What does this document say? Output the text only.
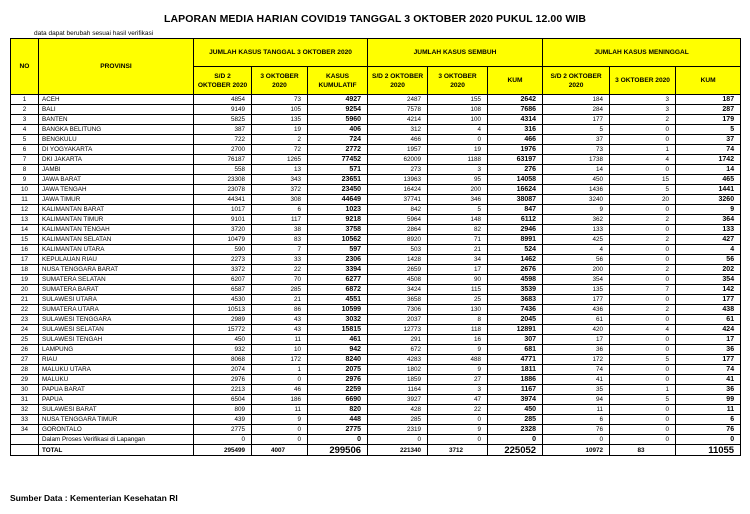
LAPORAN MEDIA HARIAN COVID19 TANGGAL 3 OKTOBER 2020 PUKUL 12.00 WIB
data dapat berubah sesuai hasil verifikasi
NO	PROVINSI	JUMLAH KASUS TANGGAL 3 OKTOBER 2020			JUMLAH KASUS SEMBUH			JUMLAH KASUS MENINGGAL		
		S/D 2 OKTOBER 2020	3 OKTOBER 2020	KASUS KUMULATIF	S/D 2 OKTOBER 2020	3 OKTOBER 2020	KUM	S/D 2 OKTOBER 2020	3 OKTOBER 2020	KUM
1	ACEH	4854	73	4927	2487	155	2642	184	3	187
2	BALI	9149	105	9254	7578	108	7686	284	3	287
3	BANTEN	5825	135	5960	4214	100	4314	177	2	179
4	BANGKA BELITUNG	387	19	406	312	4	316	5	0	5
5	BENGKULU	722	2	724	466	0	466	37	0	37
6	DI YOGYAKARTA	2700	72	2772	1957	19	1976	73	1	74
7	DKI JAKARTA	76187	1265	77452	62009	1188	63197	1738	4	1742
8	JAMBI	558	13	571	273	3	276	14	0	14
9	JAWA BARAT	23308	343	23651	13963	95	14058	450	15	465
10	JAWA TENGAH	23078	372	23450	16424	200	16624	1436	5	1441
11	JAWA TIMUR	44341	308	44649	37741	346	38087	3240	20	3260
12	KALIMANTAN BARAT	1017	6	1023	842	5	847	9	0	9
13	KALIMANTAN TIMUR	9101	117	9218	5964	148	6112	362	2	364
14	KALIMANTAN TENGAH	3720	38	3758	2864	82	2946	133	0	133
15	KALIMANTAN SELATAN	10479	83	10562	8920	71	8991	425	2	427
16	KALIMANTAN UTARA	590	7	597	503	21	524	4	0	4
17	KEPULAUAN RIAU	2273	33	2306	1428	34	1462	56	0	56
18	NUSA TENGGARA BARAT	3372	22	3394	2659	17	2676	200	2	202
19	SUMATERA SELATAN	6207	70	6277	4508	90	4598	354	0	354
20	SUMATERA BARAT	6587	285	6872	3424	115	3539	135	7	142
21	SULAWESI UTARA	4530	21	4551	3658	25	3683	177	0	177
22	SUMATERA UTARA	10513	86	10599	7306	130	7436	436	2	438
23	SULAWESI TENGGARA	2989	43	3032	2037	8	2045	61	0	61
24	SULAWESI SELATAN	15772	43	15815	12773	118	12891	420	4	424
25	SULAWESI TENGAH	450	11	461	291	16	307	17	0	17
26	LAMPUNG	932	10	942	672	9	681	36	0	36
27	RIAU	8068	172	8240	4283	488	4771	172	5	177
28	MALUKU UTARA	2074	1	2075	1802	9	1811	74	0	74
29	MALUKU	2976	0	2976	1859	27	1886	41	0	41
30	PAPUA BARAT	2213	46	2259	1164	3	1167	35	1	36
31	PAPUA	6504	186	6690	3927	47	3974	94	5	99
32	SULAWESI BARAT	809	11	820	428	22	450	11	0	11
33	NUSA TENGGARA TIMUR	439	9	448	285	0	285	6	0	6
34	GORONTALO	2775	0	2775	2319	9	2328	76	0	76
	Dalam Proses Verifikasi di Lapangan	0	0	0	0	0	0	0	0	0
	TOTAL	295499	4007	299506	221340	3712	225052	10972	83	11055
Sumber Data : Kementerian Kesehatan RI
